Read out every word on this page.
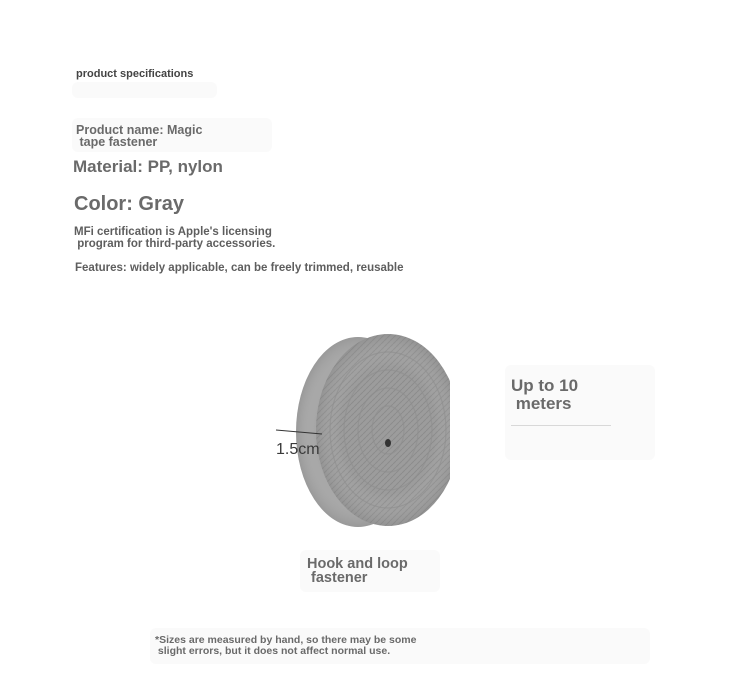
product specifications
Product name: Magic
tape fastener
Material: PP, nylon
Color: Gray
MFi certification is Apple's licensing
program for third-party accessories.
Features: widely applicable, can be freely trimmed, reusable
1.5cm
Up to 10
meters
Hook and loop
fastener
*Sizes are measured by hand, so there may be some
slight errors, but it does not affect normal use.
